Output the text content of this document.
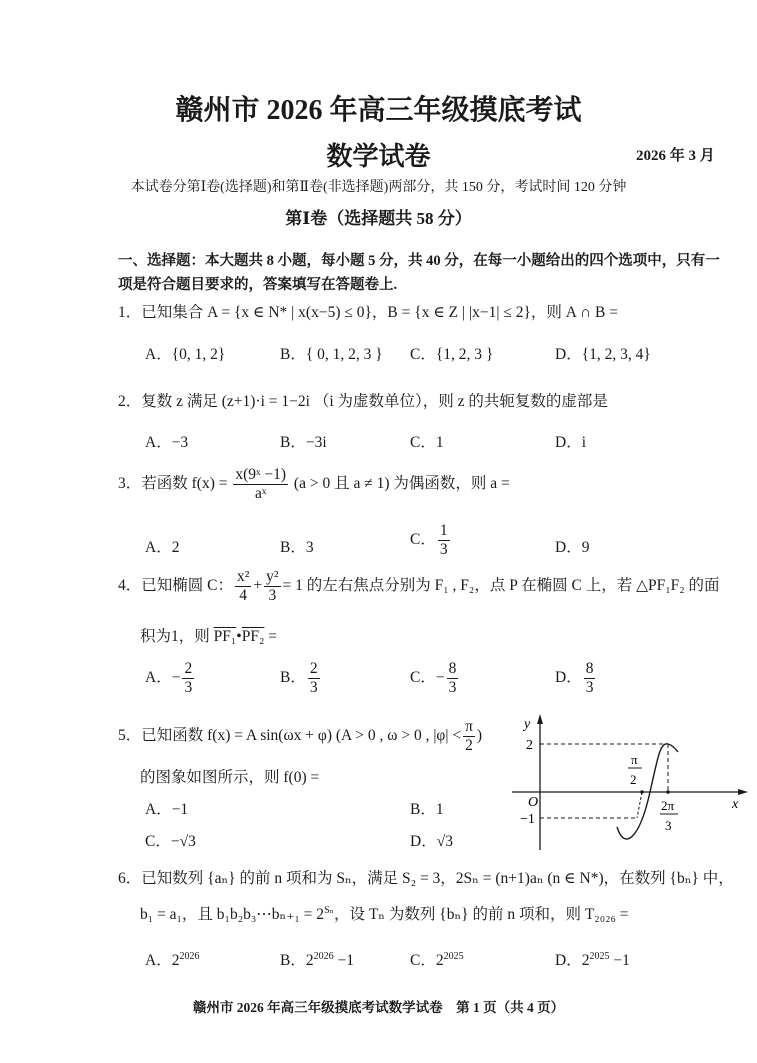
赣州市 2026 年高三年级摸底考试
数学试卷	2026 年 3 月
本试卷分第Ⅰ卷(选择题)和第Ⅱ卷(非选择题)两部分，共 150 分，考试时间 120 分钟
第Ⅰ卷（选择题共 58 分）
一、选择题：本大题共 8 小题，每小题 5 分，共 40 分，在每一小题给出的四个选项中，只有一
项是符合题目要求的，答案填写在答题卷上.
1．已知集合 A = {x ∈ N* | x(x−5) ≤ 0}，B = {x ∈ Z | |x−1| ≤ 2}，则 A ∩ B =
A．{0, 1, 2}	B．{ 0, 1, 2, 3 } C．{1, 2, 3 }	D．{1, 2, 3, 4}
2．复数 z 满足 (z+1)·i = 1−2i （i 为虚数单位），则 z 的共轭复数的虚部是
A．−3	B．−3i	C．1	D．i
3．若函数 $f(x) = \frac{\text{x(9ˣ −1)}}{\text{aˣ}} (a > 0$ 且 a ≠ 1) 为偶函数，则 a =
A．2	B．3	C． $\frac{1}{3}$	D．9
4．已知椭圆 C： $\frac{\text{x²}}{4} + \frac{\text{y²}}{3} = 1$ 的左右焦点分别为 F₁ , F₂，点 P 在椭圆 C 上，若 △PF₁F₂ 的面
积为1，则 PF₁•PF₂ =
A．− $\frac{2}{3}$	B． $\frac{2}{3}$	C．− $\frac{8}{3}$	D． $\frac{8}{3}$
5．已知函数 f(x) = A sin(ωx + φ) (A > 0 , ω > 0 , $|\varphi| < \frac{\pi}{2}$ )
的图象如图所示，则 f(0) =
A．−1	B．1
C．−√3	D．√3
y
x
O
2
−1
π
2
2π
3
6．已知数列 {aₙ} 的前 n 项和为 Sₙ，满足 S₂ = 3，2Sₙ = (n+1)aₙ (n ∈ N*)，在数列 {bₙ} 中，
b₁ = a₁，且 b₁b₂b₃⋯bₙ₊₁ = $2^{S_n}$，设 Tₙ 为数列 {bₙ} 的前 n 项和，则 T₂₀₂₆ =
A．$2^{2026}$	B．$2^{2026} -1$	C．$2^{2025}$	D．$2^{2025} -1$
赣州市 2026 年高三年级摸底考试数学试卷　第 1 页（共 4 页）
